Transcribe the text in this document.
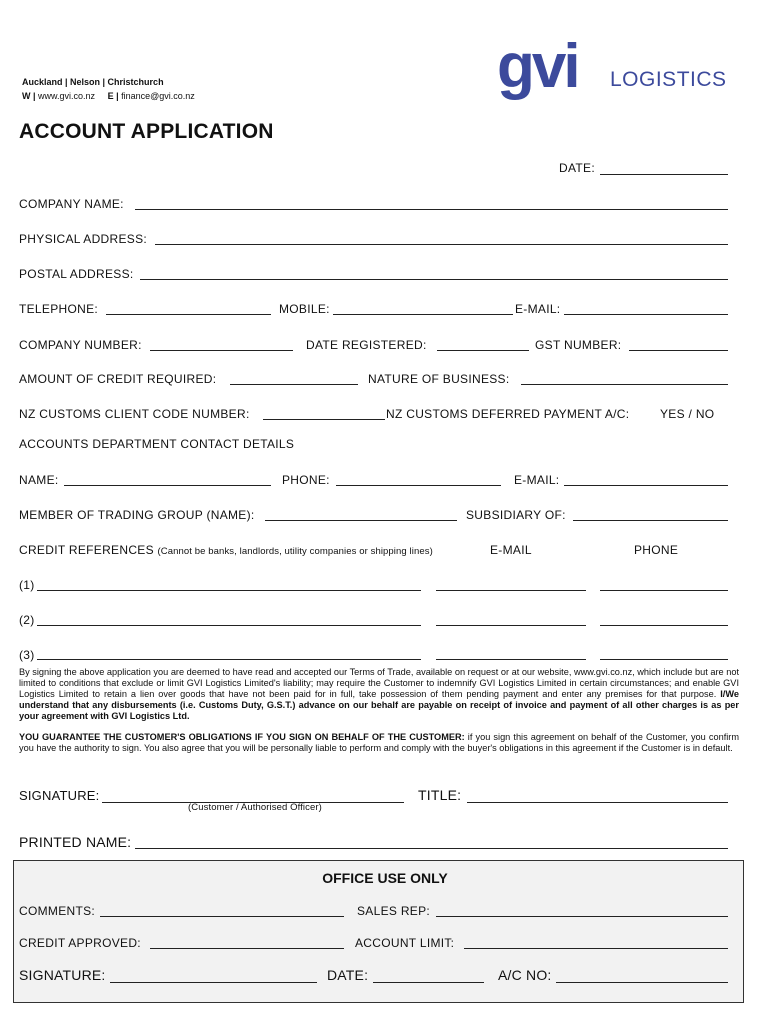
Auckland | Nelson | Christchurch
W | www.gvi.co.nz E | finance@gvi.co.nz	gvi LOGISTICS
ACCOUNT APPLICATION
DATE:
COMPANY NAME:
PHYSICAL ADDRESS:
POSTAL ADDRESS:
TELEPHONE:	MOBILE:	E-MAIL:
COMPANY NUMBER:	DATE REGISTERED:	GST NUMBER:
AMOUNT OF CREDIT REQUIRED:	NATURE OF BUSINESS:
NZ CUSTOMS CLIENT CODE NUMBER:	NZ CUSTOMS DEFERRED PAYMENT A/C:	YES / NO
ACCOUNTS DEPARTMENT CONTACT DETAILS
NAME:	PHONE:	E-MAIL:
MEMBER OF TRADING GROUP (NAME):	SUBSIDIARY OF:
CREDIT REFERENCES (Cannot be banks, landlords, utility companies or shipping lines)	E-MAIL	PHONE
(1)
(2)
(3)
By signing the above application you are deemed to have read and accepted our Terms of Trade, available on request or at our website, www.gvi.co.nz, which include but are not limited to conditions that exclude or limit GVI Logistics Limited's liability; may require the Customer to indemnify GVI Logistics Limited in certain circumstances; and enable GVI Logistics Limited to retain a lien over goods that have not been paid for in full, take possession of them pending payment and enter any premises for that purpose. I/We understand that any disbursements (i.e. Customs Duty, G.S.T.) advance on our behalf are payable on receipt of invoice and payment of all other charges is as per your agreement with GVI Logistics Ltd.
YOU GUARANTEE THE CUSTOMER'S OBLIGATIONS IF YOU SIGN ON BEHALF OF THE CUSTOMER: if you sign this agreement on behalf of the Customer, you confirm you have the authority to sign. You also agree that you will be personally liable to perform and comply with the buyer's obligations in this agreement if the Customer is in default.
SIGNATURE:
(Customer / Authorised Officer)
TITLE:
PRINTED NAME:
OFFICE USE ONLY
COMMENTS:	SALES REP:
CREDIT APPROVED:	ACCOUNT LIMIT:
SIGNATURE:	DATE:	A/C NO:
